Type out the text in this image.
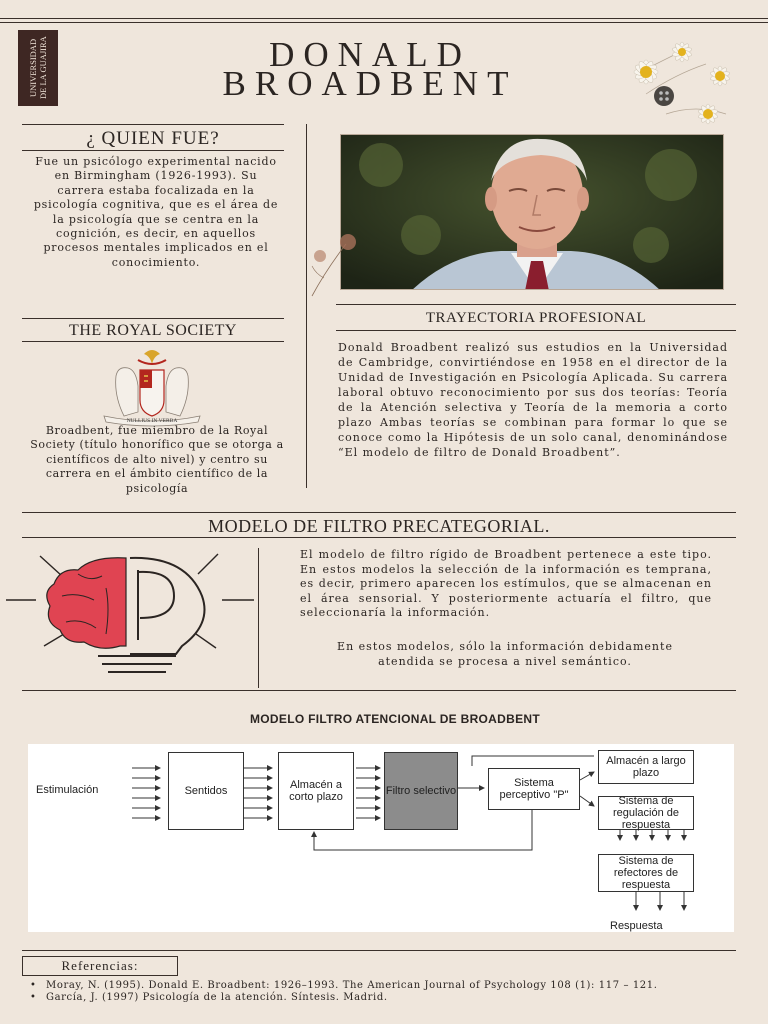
UNIVERSIDAD DE LA GUAJIRA	DONALD
BROADBENT
¿ QUIEN FUE?
Fue un psicólogo experimental nacido en Birmingham (1926-1993). Su carrera estaba focalizada en la psicología cognitiva, que es el área de la psicología que se centra en la cognición, es decir, en aquellos procesos mentales implicados en el conocimiento.
THE ROYAL SOCIETY
NULLIUS IN VERBA
Broadbent, fue miembro de la Royal Society (título honorífico que se otorga a científicos de alto nivel) y centro su carrera en el ámbito científico de la psicología
TRAYECTORIA PROFESIONAL
Donald Broadbent realizó sus estudios en la Universidad de Cambridge, convirtiéndose en 1958 en el director de la Unidad de Investigación en Psicología Aplicada. Su carrera laboral obtuvo reconocimiento por sus dos teorías: Teoría de la Atención selectiva y Teoría de la memoria a corto plazo Ambas teorías se combinan para formar lo que se conoce como la Hipótesis de un solo canal, denominándose “El modelo de filtro de Donald Broadbent”.
MODELO DE FILTRO PRECATEGORIAL.
El modelo de filtro rígido de Broadbent pertenece a este tipo. En estos modelos la selección de la información es temprana, es decir, primero aparecen los estímulos, que se almacenan en el área sensorial. Y posteriormente actuaría el filtro, que seleccionaría la información.
En estos modelos, sólo la información debidamente atendida se procesa a nivel semántico.
MODELO FILTRO ATENCIONAL DE BROADBENT
Estimulación	Sentidos	Almacén a corto plazo	Filtro selectivo
Sistema perceptivo "P"
Almacén a largo plazo
Sistema de regulación de respuesta
Sistema de refectores de respuesta
Respuesta
Referencias:
• Moray, N. (1995). Donald E. Broadbent: 1926–1993. The American Journal of Psychology 108 (1): 117 – 121.
• García, J. (1997) Psicología de la atención. Síntesis. Madrid.
